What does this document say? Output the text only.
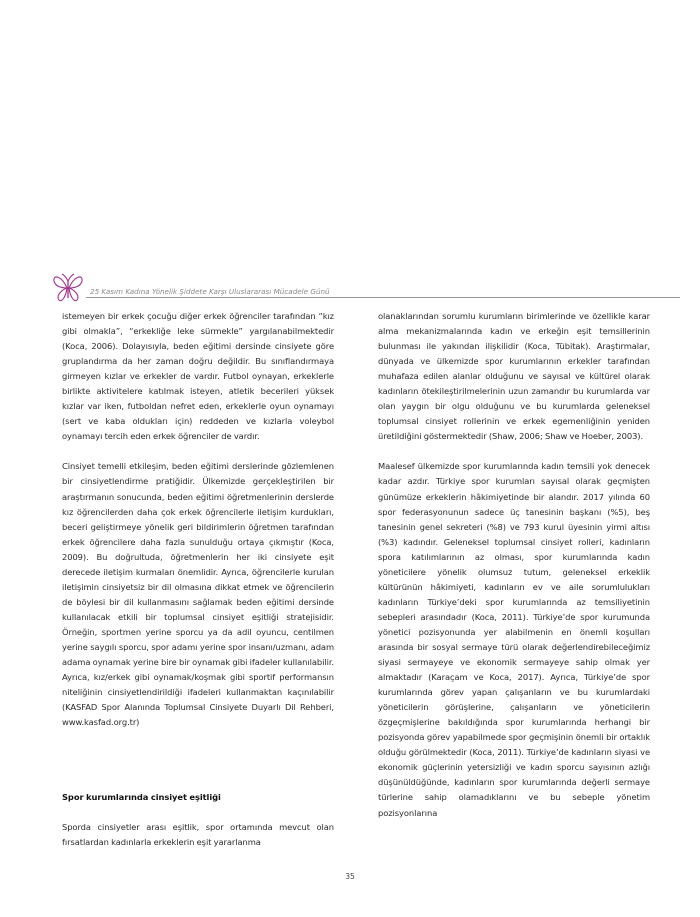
25 Kasım Kadına Yönelik Şiddete Karşı Uluslararası Mücadele Günü

istemeyen bir erkek çocuğu diğer erkek öğrenciler tarafından “kız gibi olmakla”, “erkekliğe leke sürmekle” yargılanabilmektedir (Koca, 2006). Dolayısıyla, beden eğitimi dersinde cinsiyete göre gruplandırma da her zaman doğru değildir. Bu sınıflandırmaya girmeyen kızlar ve erkekler de vardır. Futbol oynayan, erkeklerle birlikte aktivitelere katılmak isteyen, atletik becerileri yüksek kızlar var iken, futboldan nefret eden, erkeklerle oyun oynamayı (sert ve kaba oldukları için) reddeden ve kızlarla voleybol oynamayı tercih eden erkek öğrenciler de vardır.

Cinsiyet temelli etkileşim, beden eğitimi derslerinde gözlemlenen bir cinsiyetlendirme pratiğidir. Ülkemizde gerçekleştirilen bir araştırmanın sonucunda, beden eğitimi öğretmenlerinin derslerde kız öğrencilerden daha çok erkek öğrencilerle iletişim kurdukları, beceri geliştirmeye yönelik geri bildirimlerin öğretmen tarafından erkek öğrencilere daha fazla sunulduğu ortaya çıkmıştır (Koca, 2009). Bu doğrultuda, öğretmenlerin her iki cinsiyete eşit derecede iletişim kurmaları önemlidir. Ayrıca, öğrencilerle kurulan iletişimin cinsiyetsiz bir dil olmasına dikkat etmek ve öğrencilerin de böylesi bir dil kullanmasını sağlamak beden eğitimi dersinde kullanılacak etkili bir toplumsal cinsiyet eşitliği stratejisidir. Örneğin, sportmen yerine sporcu ya da adil oyuncu, centilmen yerine saygılı sporcu, spor adamı yerine spor insanı/uzmanı, adam adama oynamak yerine bire bir oynamak gibi ifadeler kullanılabilir. Ayrıca, kız/erkek gibi oynamak/koşmak gibi sportif performansın niteliğinin cinsiyetlendirildiği ifadeleri kullanmaktan kaçınılabilir (KASFAD Spor Alanında Toplumsal Cinsiyete Duyarlı Dil Rehberi, www.kasfad.org.tr)

Spor kurumlarında cinsiyet eşitliği

Sporda cinsiyetler arası eşitlik, spor ortamında mevcut olan fırsatlardan kadınlarla erkeklerin eşit yararlanma

olanaklarından sorumlu kurumların birimlerinde ve özellikle karar alma mekanizmalarında kadın ve erkeğin eşit temsillerinin bulunması ile yakından ilişkilidir (Koca, Tübitak). Araştırmalar, dünyada ve ülkemizde spor kurumlarının erkekler tarafından muhafaza edilen alanlar olduğunu ve sayısal ve kültürel olarak kadınların ötekileştirilmelerinin uzun zamandır bu kurumlarda var olan yaygın bir olgu olduğunu ve bu kurumlarda geleneksel toplumsal cinsiyet rollerinin ve erkek egemenliğinin yeniden üretildiğini göstermektedir (Shaw, 2006; Shaw ve Hoeber, 2003).

Maalesef ülkemizde spor kurumlarında kadın temsili yok denecek kadar azdır. Türkiye spor kurumları sayısal olarak geçmişten günümüze erkeklerin hâkimiyetinde bir alandır. 2017 yılında 60 spor federasyonunun sadece üç tanesinin başkanı (%5), beş tanesinin genel sekreteri (%8) ve 793 kurul üyesinin yirmi altısı (%3) kadındır. Geleneksel toplumsal cinsiyet rolleri, kadınların spora katılımlarının az olması, spor kurumlarında kadın yöneticilere yönelik olumsuz tutum, geleneksel erkeklik kültürünün hâkimiyeti, kadınların ev ve aile sorumlulukları kadınların Türkiye’deki spor kurumlarında az temsiliyetinin sebepleri arasındadır (Koca, 2011). Türkiye’de spor kurumunda yönetici pozisyonunda yer alabilmenin en önemli koşulları arasında bir sosyal sermaye türü olarak değerlendirebileceğimiz siyasi sermayeye ve ekonomik sermayeye sahip olmak yer almaktadır (Karaçam ve Koca, 2017). Ayrıca, Türkiye’de spor kurumlarında görev yapan çalışanların ve bu kurumlardaki yöneticilerin görüşlerine, çalışanların ve yöneticilerin özgeçmişlerine bakıldığında spor kurumlarında herhangi bir pozisyonda görev yapabilmede spor geçmişinin önemli bir ortaklık olduğu görülmektedir (Koca, 2011). Türkiye’de kadınların siyasi ve ekonomik güçlerinin yetersizliği ve kadın sporcu sayısının azlığı düşünüldüğünde, kadınların spor kurumlarında değerli sermaye türlerine sahip olamadıklarını ve bu sebeple yönetim pozisyonlarına

35
